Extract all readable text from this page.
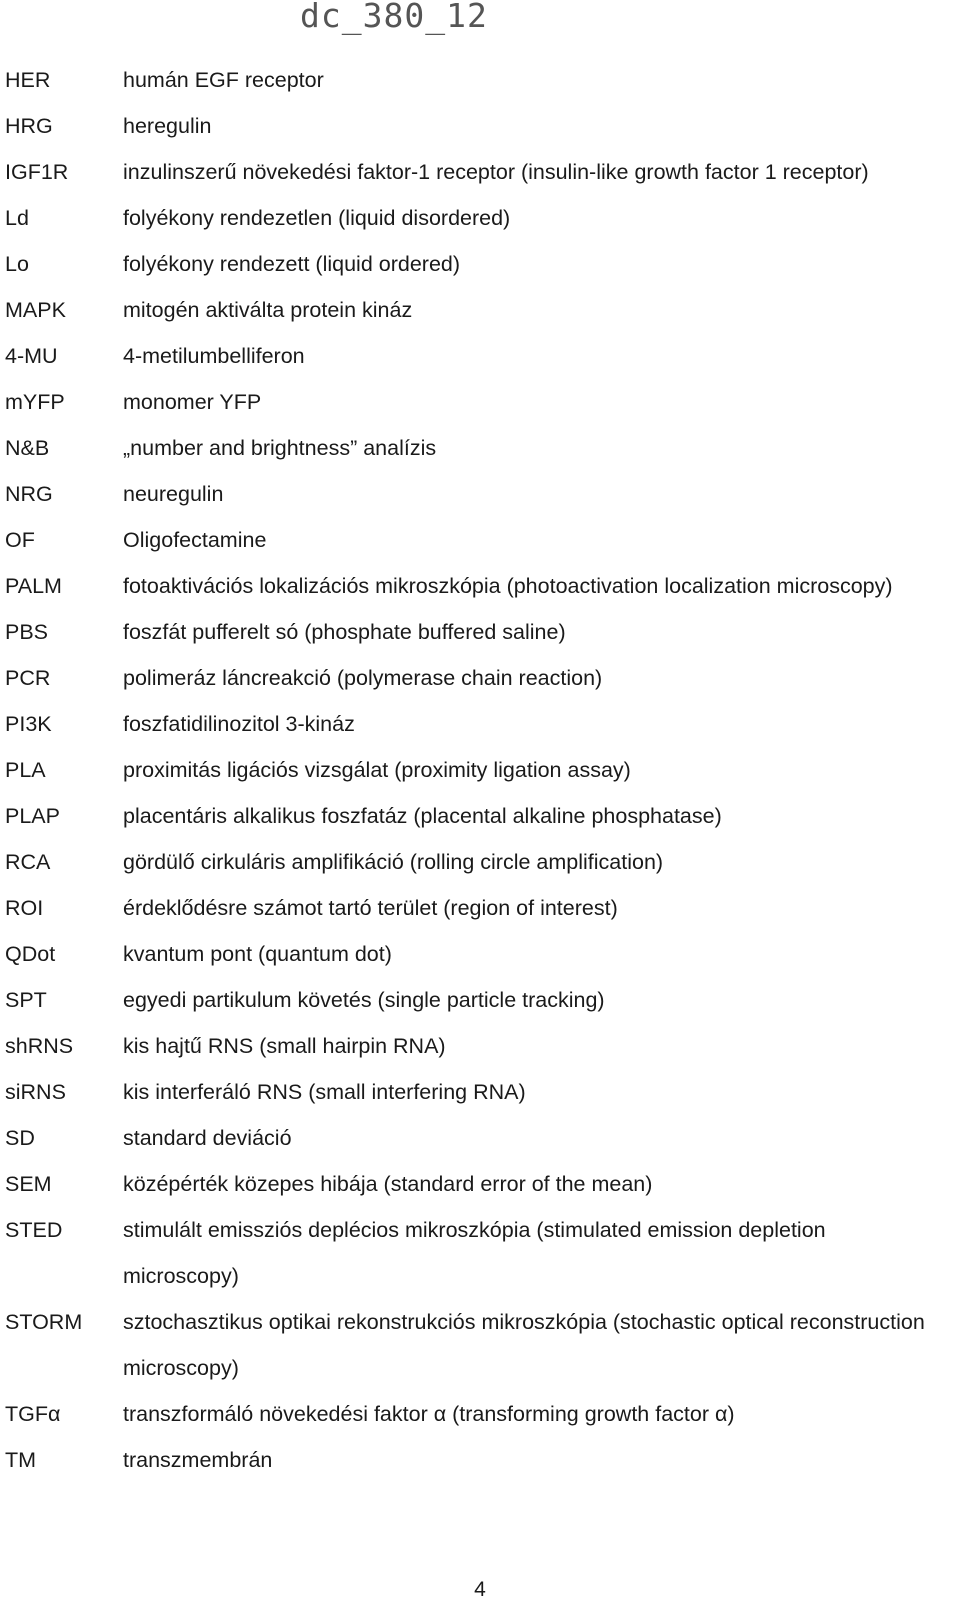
dc_380_12
HER	humán EGF receptor
HRG	heregulin
IGF1R	inzulinszerű növekedési faktor-1 receptor (insulin-like growth factor 1 receptor)
Ld	folyékony rendezetlen (liquid disordered)
Lo	folyékony rendezett (liquid ordered)
MAPK	mitogén aktiválta protein kináz
4-MU	4-metilumbelliferon
mYFP	monomer YFP
N&B	„number and brightness” analízis
NRG	neuregulin
OF	Oligofectamine
PALM	fotoaktivációs lokalizációs mikroszkópia (photoactivation localization microscopy)
PBS	foszfát pufferelt só (phosphate buffered saline)
PCR	polimeráz láncreakció (polymerase chain reaction)
PI3K	foszfatidilinozitol 3-kináz
PLA	proximitás ligációs vizsgálat (proximity ligation assay)
PLAP	placentáris alkalikus foszfatáz (placental alkaline phosphatase)
RCA	gördülő cirkuláris amplifikáció (rolling circle amplification)
ROI	érdeklődésre számot tartó terület (region of interest)
QDot	kvantum pont (quantum dot)
SPT	egyedi partikulum követés (single particle tracking)
shRNS	kis hajtű RNS (small hairpin RNA)
siRNS	kis interferáló RNS (small interfering RNA)
SD	standard deviáció
SEM	középérték közepes hibája (standard error of the mean)
STED	stimulált emissziós deplécios mikroszkópia (stimulated emission depletion microscopy)
STORM	sztochasztikus optikai rekonstrukciós mikroszkópia (stochastic optical reconstruction microscopy)
TGFα	transzformáló növekedési faktor α (transforming growth factor α)
TM	transzmembrán
4
